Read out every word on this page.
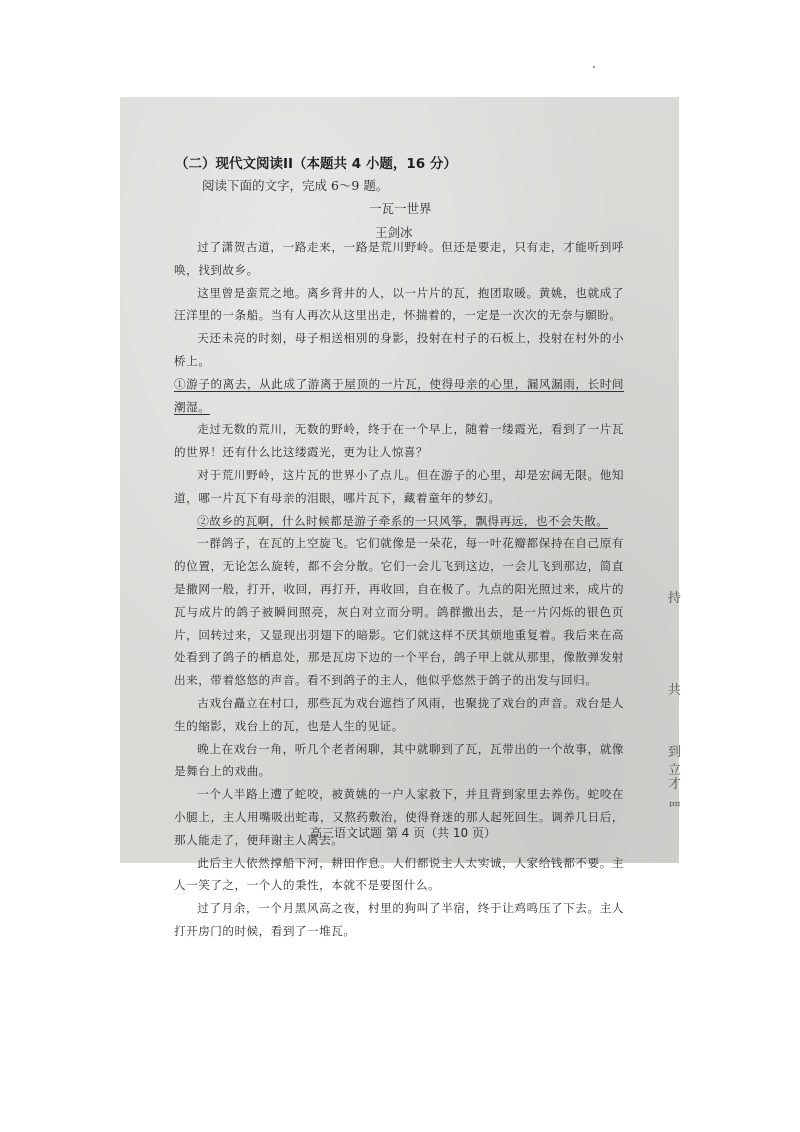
（二）现代文阅读II（本题共 4 小题，16 分）
阅读下面的文字，完成 6～9 题。
一瓦一世界
王剑冰

过了潇贺古道，一路走来，一路是荒川野岭。但还是要走，只有走，才能听到呼唤，找到故乡。

这里曾是蛮荒之地。离乡背井的人，以一片片的瓦，抱团取暖。黄姚，也就成了汪洋里的一条船。当有人再次从这里出走，怀揣着的，一定是一次次的无奈与願盼。

天还未亮的时刻，母子相送相別的身影，投射在村子的石板上，投射在村外的小桥上。

①游子的离去，从此成了游离于屋顶的一片瓦，使得母亲的心里，漏风漏雨，长时间潮湿。

走过无数的荒川，无数的野岭，终于在一个早上，随着一缕霞光，看到了一片瓦的世界！还有什么比这缕霞光，更为让人惊喜？

对于荒川野岭，这片瓦的世界小了点儿。但在游子的心里，却是宏阔无限。他知道，哪一片瓦下有母亲的泪眼，哪片瓦下，藏着童年的梦幻。

②故乡的瓦啊，什么时候都是游子牵系的一只风筝，飘得再远，也不会失散。

一群鸽子，在瓦的上空旋飞。它们就像是一朵花，每一叶花瓣都保持在自己原有的位置，无论怎么旋转，都不会分散。它们一会儿飞到这边，一会儿飞到那边，简直是撒网一般，打开，收回，再打开，再收回，自在极了。九点的阳光照过来，成片的瓦与成片的鸽子被瞬间照亮，灰白对立而分明。鸽群撒出去，是一片闪烁的银色页片，回转过来，又显现出羽翅下的暗影。它们就这样不厌其烦地重复着。我后来在高处看到了鸽子的栖息处，那是瓦房下边的一个平台，鸽子甲上就从那里，像散弹发射出来，带着悠悠的声音。看不到鸽子的主人，他似乎悠然于鸽子的出发与回归。

古戏台矗立在村口，那些瓦为戏台遮挡了风雨，也聚拢了戏台的声音。戏台是人生的缩影，戏台上的瓦，也是人生的见证。

晚上在戏台一角，听几个老者闲聊，其中就聊到了瓦，瓦带出的一个故事，就像是舞台上的戏曲。

一个人半路上遭了蛇咬，被黄姚的一户人家救下，并且背到家里去养伤。蛇咬在小腿上，主人用嘴吸出蛇毒，又熬药敷治，使得脊迷的那人起死回生。调养几日后，那人能走了，便拜谢主人离去。

此后主人依然撑船下河，耕田作息。人们都说主人太实诚，人家给钱都不要。主人一笑了之，一个人的秉性，本就不是要图什么。

过了月余，一个月黑风高之夜，村里的狗叫了半宿，终于让鸡鸣压了下去。主人打开房门的时候，看到了一堆瓦。

高三语文试题 第 4 页（共 10 页）
持
共
到
立
才
罒
